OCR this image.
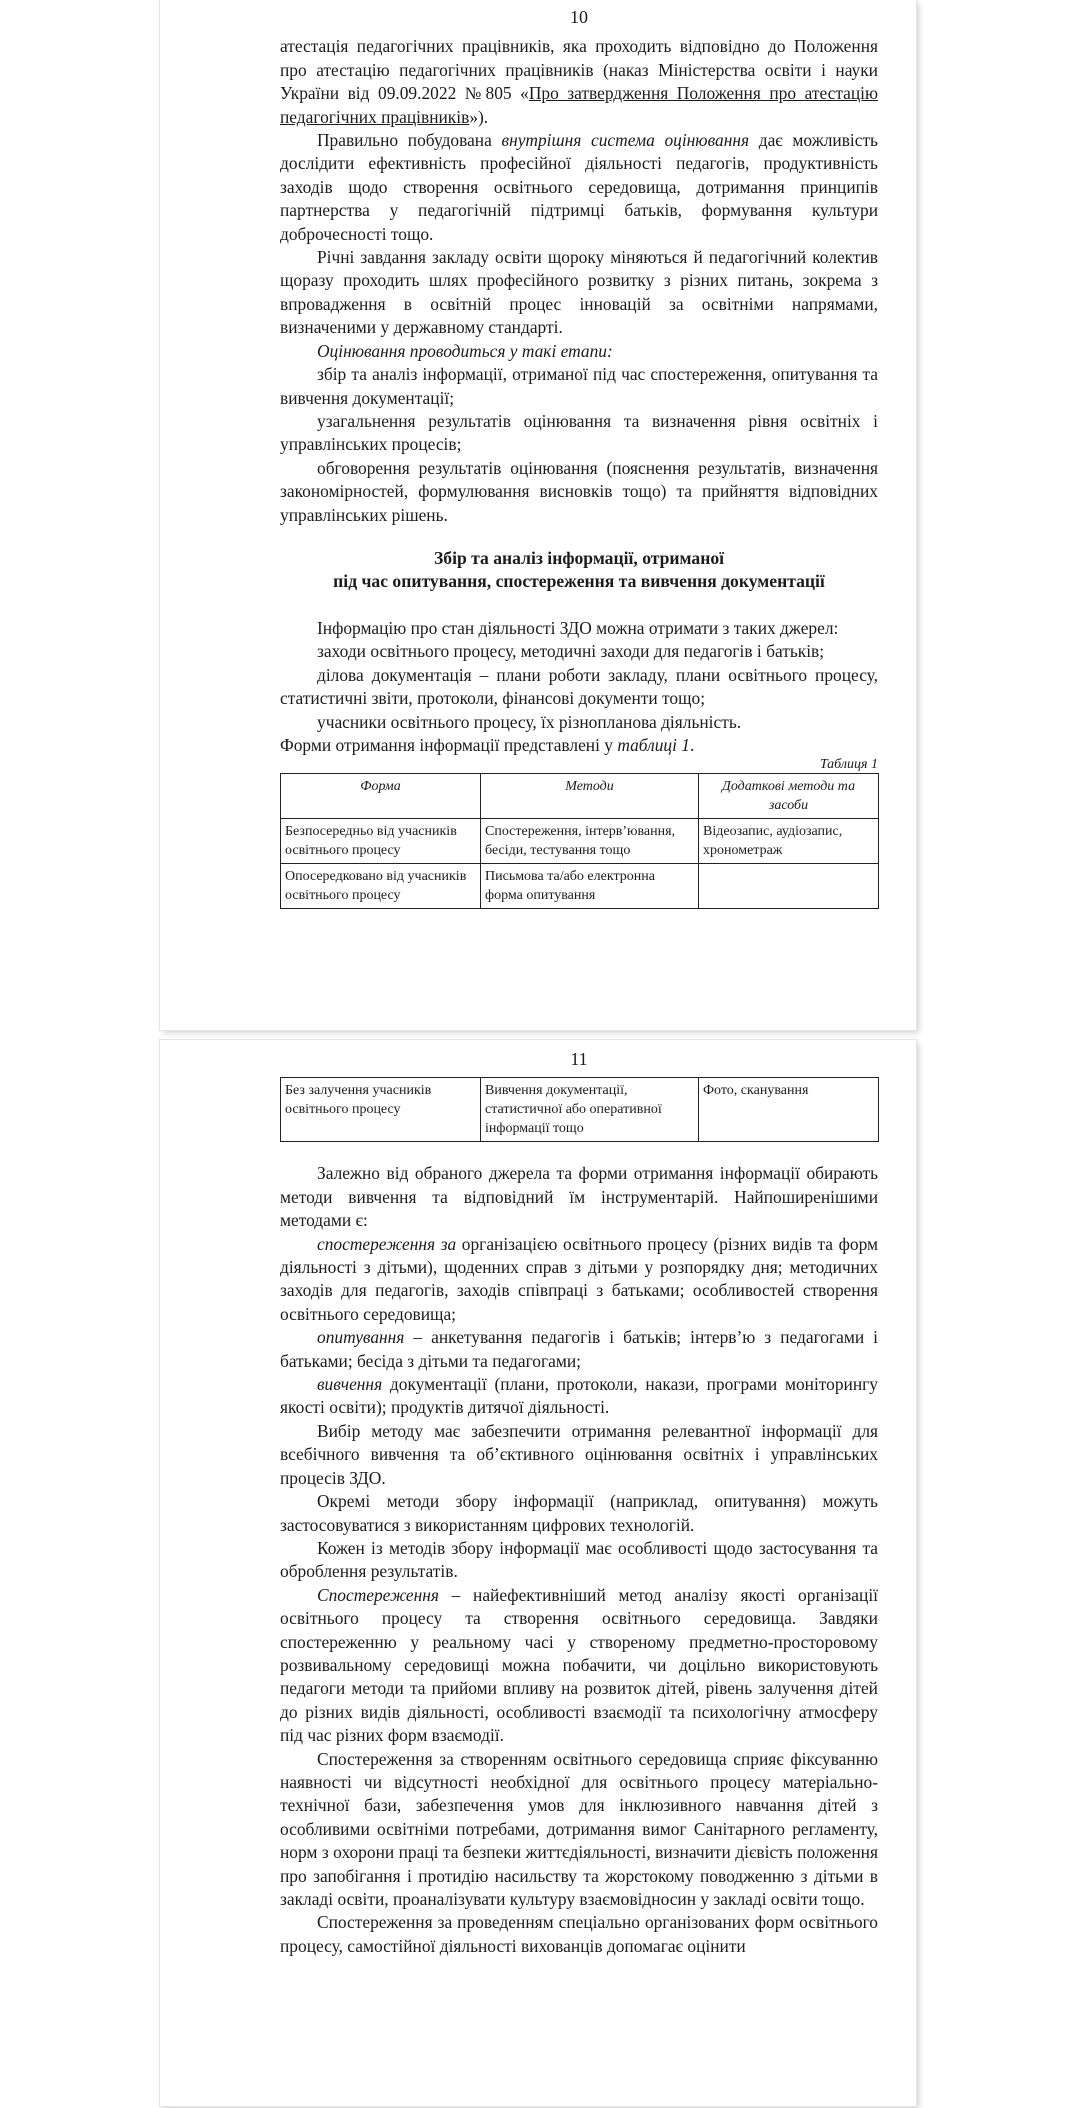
10

атестація педагогічних працівників, яка проходить відповідно до Положення про атестацію педагогічних працівників (наказ Міністерства освіти і науки України від 09.09.2022 №805 «Про затвердження Положення про атестацію педагогічних працівників»).

Правильно побудована внутрішня система оцінювання дає можливість дослідити ефективність професійної діяльності педагогів, продуктивність заходів щодо створення освітнього середовища, дотримання принципів партнерства у педагогічній підтримці батьків, формування культури доброчесності тощо.

Річні завдання закладу освіти щороку міняються й педагогічний колектив щоразу проходить шлях професійного розвитку з різних питань, зокрема з впровадження в освітній процес інновацій за освітніми напрямами, визначеними у державному стандарті.

Оцінювання проводиться у такі етапи:

збір та аналіз інформації, отриманої під час спостереження, опитування та вивчення документації;

узагальнення результатів оцінювання та визначення рівня освітніх і управлінських процесів;

обговорення результатів оцінювання (пояснення результатів, визначення закономірностей, формулювання висновків тощо) та прийняття відповідних управлінських рішень.

Збір та аналіз інформації, отриманої
під час опитування, спостереження та вивчення документації

Інформацію про стан діяльності ЗДО можна отримати з таких джерел:

заходи освітнього процесу, методичні заходи для педагогів і батьків;

ділова документація – плани роботи закладу, плани освітнього процесу, статистичні звіти, протоколи, фінансові документи тощо;

учасники освітнього процесу, їх різнопланова діяльність.

Форми отримання інформації представлені у таблиці 1.

Таблиця 1
Форма	Методи	Додаткові методи та засоби
Безпосередньо від учасників освітнього процесу	Спостереження, інтерв’ювання, бесіди, тестування тощо	Відеозапис, аудіозапис, хронометраж
Опосередковано від учасників освітнього процесу	Письмова та/або електронна форма опитування	
11
Без залучення учасників освітнього процесу	Вивчення документації, статистичної або оперативної інформації тощо	Фото, сканування

Залежно від обраного джерела та форми отримання інформації обирають методи вивчення та відповідний їм інструментарій. Найпоширенішими методами є:

спостереження за організацією освітнього процесу (різних видів та форм діяльності з дітьми), щоденних справ з дітьми у розпорядку дня; методичних заходів для педагогів, заходів співпраці з батьками; особливостей створення освітнього середовища;

опитування – анкетування педагогів і батьків; інтерв’ю з педагогами і батьками; бесіда з дітьми та педагогами;

вивчення документації (плани, протоколи, накази, програми моніторингу якості освіти); продуктів дитячої діяльності.

Вибір методу має забезпечити отримання релевантної інформації для всебічного вивчення та об’єктивного оцінювання освітніх і управлінських процесів ЗДО.

Окремі методи збору інформації (наприклад, опитування) можуть застосовуватися з використанням цифрових технологій.

Кожен із методів збору інформації має особливості щодо застосування та оброблення результатів.

Спостереження – найефективніший метод аналізу якості організації освітнього процесу та створення освітнього середовища. Завдяки спостереженню у реальному часі у створеному предметно-просторовому розвивальному середовищі можна побачити, чи доцільно використовують педагоги методи та прийоми впливу на розвиток дітей, рівень залучення дітей до різних видів діяльності, особливості взаємодії та психологічну атмосферу під час різних форм взаємодії.

Спостереження за створенням освітнього середовища сприяє фіксуванню наявності чи відсутності необхідної для освітнього процесу матеріально-технічної бази, забезпечення умов для інклюзивного навчання дітей з особливими освітніми потребами, дотримання вимог Санітарного регламенту, норм з охорони праці та безпеки життєдіяльності, визначити дієвість положення про запобігання і протидію насильству та жорстокому поводженню з дітьми в закладі освіти, проаналізувати культуру взаємовідносин у закладі освіти тощо.

Спостереження за проведенням спеціально організованих форм освітнього процесу, самостійної діяльності вихованців допомагає оцінити
